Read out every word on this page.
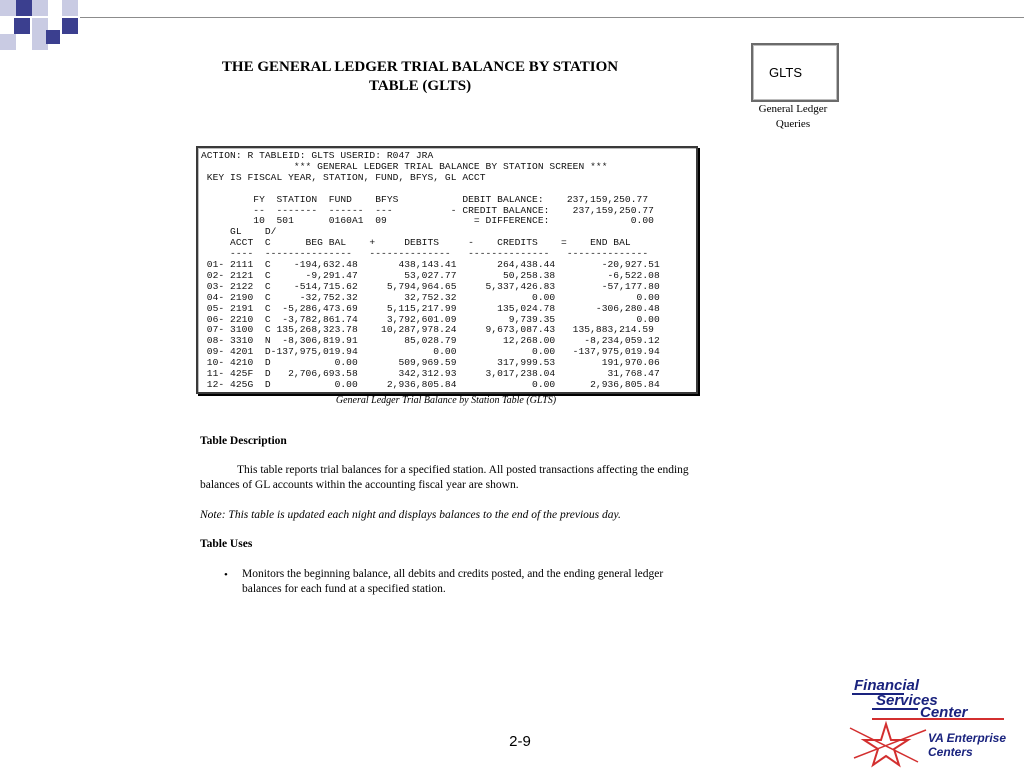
THE GENERAL LEDGER TRIAL BALANCE BY STATION
TABLE (GLTS)
GLTS
General Ledger
Queries
ACTION: R TABLEID: GLTS USERID: R047 JRA
*** GENERAL LEDGER TRIAL BALANCE BY STATION SCREEN ***
KEY IS FISCAL YEAR, STATION, FUND, BFYS, GL ACCT
FY  STATION  FUND    BFYS           DEBIT BALANCE:    237,159,250.77
--  -------  ------  ---          - CREDIT BALANCE:    237,159,250.77
10  501      0160A1  09               = DIFFERENCE:              0.00
GL    D/
ACCT  C      BEG BAL    +     DEBITS     -    CREDITS    =    END BAL
----  ---------------   --------------   --------------   --------------
01- 2111  C    -194,632.48       438,143.41       264,438.44        -20,927.51
02- 2121  C      -9,291.47        53,027.77        50,258.38         -6,522.08
03- 2122  C    -514,715.62     5,794,964.65     5,337,426.83        -57,177.80
04- 2190  C     -32,752.32        32,752.32             0.00              0.00
05- 2191  C  -5,286,473.69     5,115,217.99       135,024.78       -306,280.48
06- 2210  C  -3,782,861.74     3,792,601.09         9,739.35              0.00
07- 3100  C 135,268,323.78    10,287,978.24     9,673,087.43   135,883,214.59
08- 3310  N  -8,306,819.91        85,028.79        12,268.00     -8,234,059.12
09- 4201  D-137,975,019.94             0.00             0.00   -137,975,019.94
10- 4210  D           0.00       509,969.59       317,999.53        191,970.06
11- 425F  D   2,706,693.58       342,312.93     3,017,238.04         31,768.47
12- 425G  D           0.00     2,936,805.84             0.00      2,936,805.84
General Ledger Trial Balance by Station Table (GLTS)
Table Description
This table reports trial balances for a specified station. All posted transactions affecting the ending balances of GL accounts within the accounting fiscal year are shown.
Note: This table is updated each night and displays balances to the end of the previous day.
Table Uses
• Monitors the beginning balance, all debits and credits posted, and the ending general ledger balances for each fund at a specified station.
2-9
Financial
Services
Center
VA Enterprise
Centers
